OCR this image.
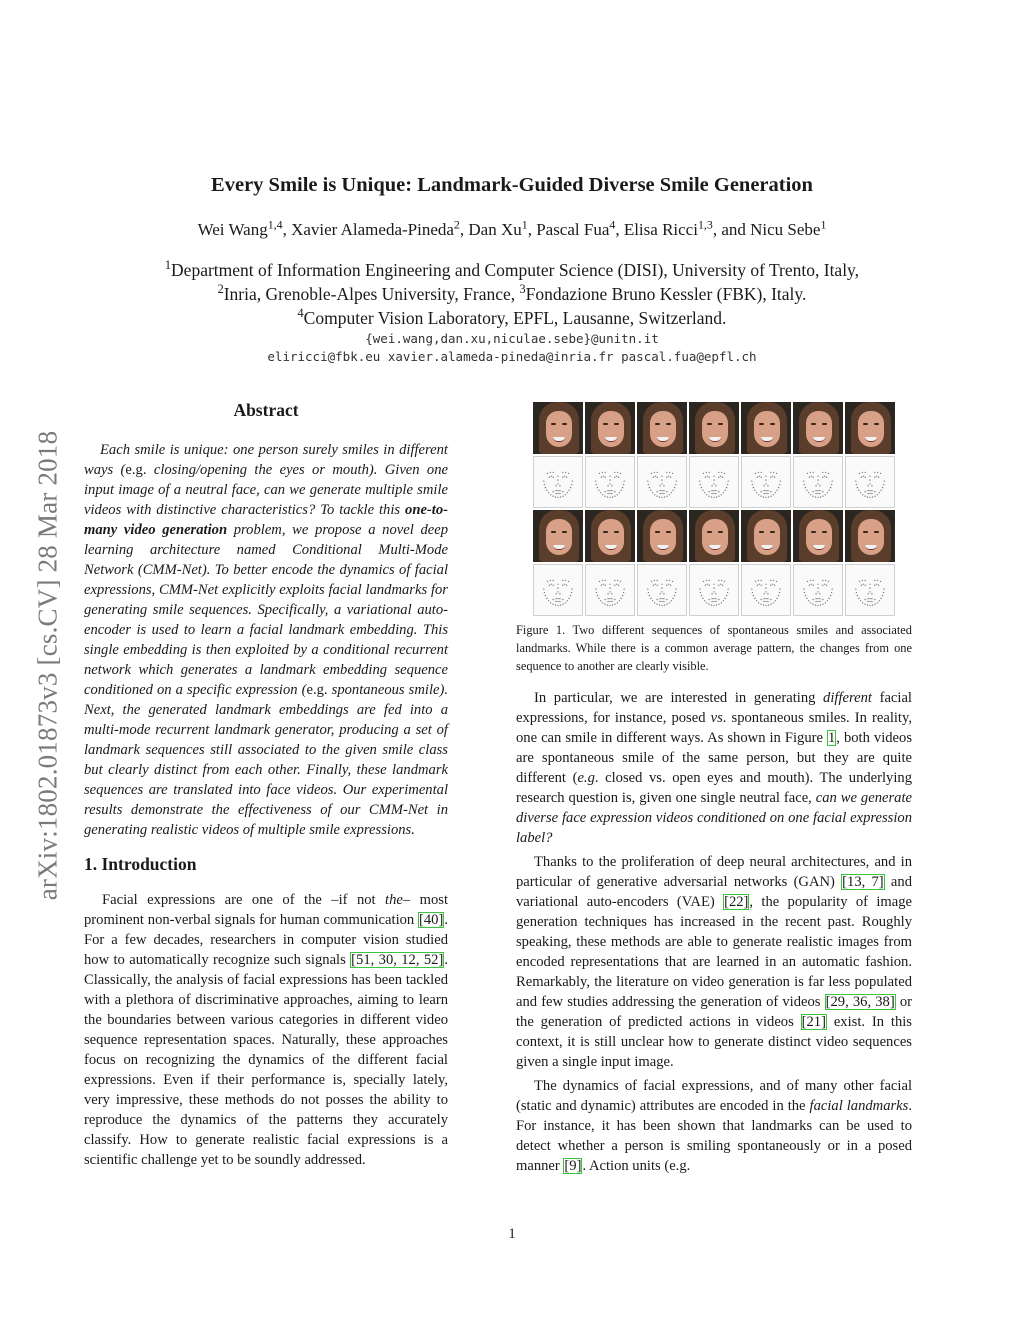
arXiv:1802.01873v3 [cs.CV] 28 Mar 2018
Every Smile is Unique: Landmark-Guided Diverse Smile Generation
Wei Wang$^{1,4}$, Xavier Alameda-Pineda$^2$, Dan Xu$^1$, Pascal Fua$^4$, Elisa Ricci$^{1,3}$, and Nicu Sebe$^1$
$^1$Department of Information Engineering and Computer Science (DISI), University of Trento, Italy,
$^2$Inria, Grenoble-Alpes University, France, $^3$Fondazione Bruno Kessler (FBK), Italy.
$^4$Computer Vision Laboratory, EPFL, Lausanne, Switzerland.
{wei.wang,dan.xu,niculae.sebe}@unitn.it
eliricci@fbk.eu xavier.alameda-pineda@inria.fr pascal.fua@epfl.ch
Abstract

Each smile is unique: one person surely smiles in different ways (e.g. closing/opening the eyes or mouth). Given one input image of a neutral face, can we generate multiple smile videos with distinctive characteristics? To tackle this one-to-many video generation problem, we propose a novel deep learning architecture named Conditional Multi-Mode Network (CMM-Net). To better encode the dynamics of facial expressions, CMM-Net explicitly exploits facial landmarks for generating smile sequences. Specifically, a variational auto-encoder is used to learn a facial landmark embedding. This single embedding is then exploited by a conditional recurrent network which generates a landmark embedding sequence conditioned on a specific expression (e.g. spontaneous smile). Next, the generated landmark embeddings are fed into a multi-mode recurrent landmark generator, producing a set of landmark sequences still associated to the given smile class but clearly distinct from each other. Finally, these landmark sequences are translated into face videos. Our experimental results demonstrate the effectiveness of our CMM-Net in generating realistic videos of multiple smile expressions.

1. Introduction

Facial expressions are one of the –if not the– most prominent non-verbal signals for human communication [40]. For a few decades, researchers in computer vision studied how to automatically recognize such signals [51, 30, 12, 52]. Classically, the analysis of facial expressions has been tackled with a plethora of discriminative approaches, aiming to learn the boundaries between various categories in different video sequence representation spaces. Naturally, these approaches focus on recognizing the dynamics of the different facial expressions. Even if their performance is, specially lately, very impressive, these methods do not posses the ability to reproduce the dynamics of the patterns they accurately classify. How to generate realistic facial expressions is a scientific challenge yet to be soundly addressed.

Figure 1. Two different sequences of spontaneous smiles and associated landmarks. While there is a common average pattern, the changes from one sequence to another are clearly visible.

In particular, we are interested in generating different facial expressions, for instance, posed vs. spontaneous smiles. In reality, one can smile in different ways. As shown in Figure 1, both videos are spontaneous smile of the same person, but they are quite different (e.g. closed vs. open eyes and mouth). The underlying research question is, given one single neutral face, can we generate diverse face expression videos conditioned on one facial expression label?

Thanks to the proliferation of deep neural architectures, and in particular of generative adversarial networks (GAN) [13, 7] and variational auto-encoders (VAE) [22], the popularity of image generation techniques has increased in the recent past. Roughly speaking, these methods are able to generate realistic images from encoded representations that are learned in an automatic fashion. Remarkably, the literature on video generation is far less populated and few studies addressing the generation of videos [29, 36, 38] or the generation of predicted actions in videos [21] exist. In this context, it is still unclear how to generate distinct video sequences given a single input image.

The dynamics of facial expressions, and of many other facial (static and dynamic) attributes are encoded in the facial landmarks. For instance, it has been shown that landmarks can be used to detect whether a person is smiling spontaneously or in a posed manner [9]. Action units (e.g.

1
